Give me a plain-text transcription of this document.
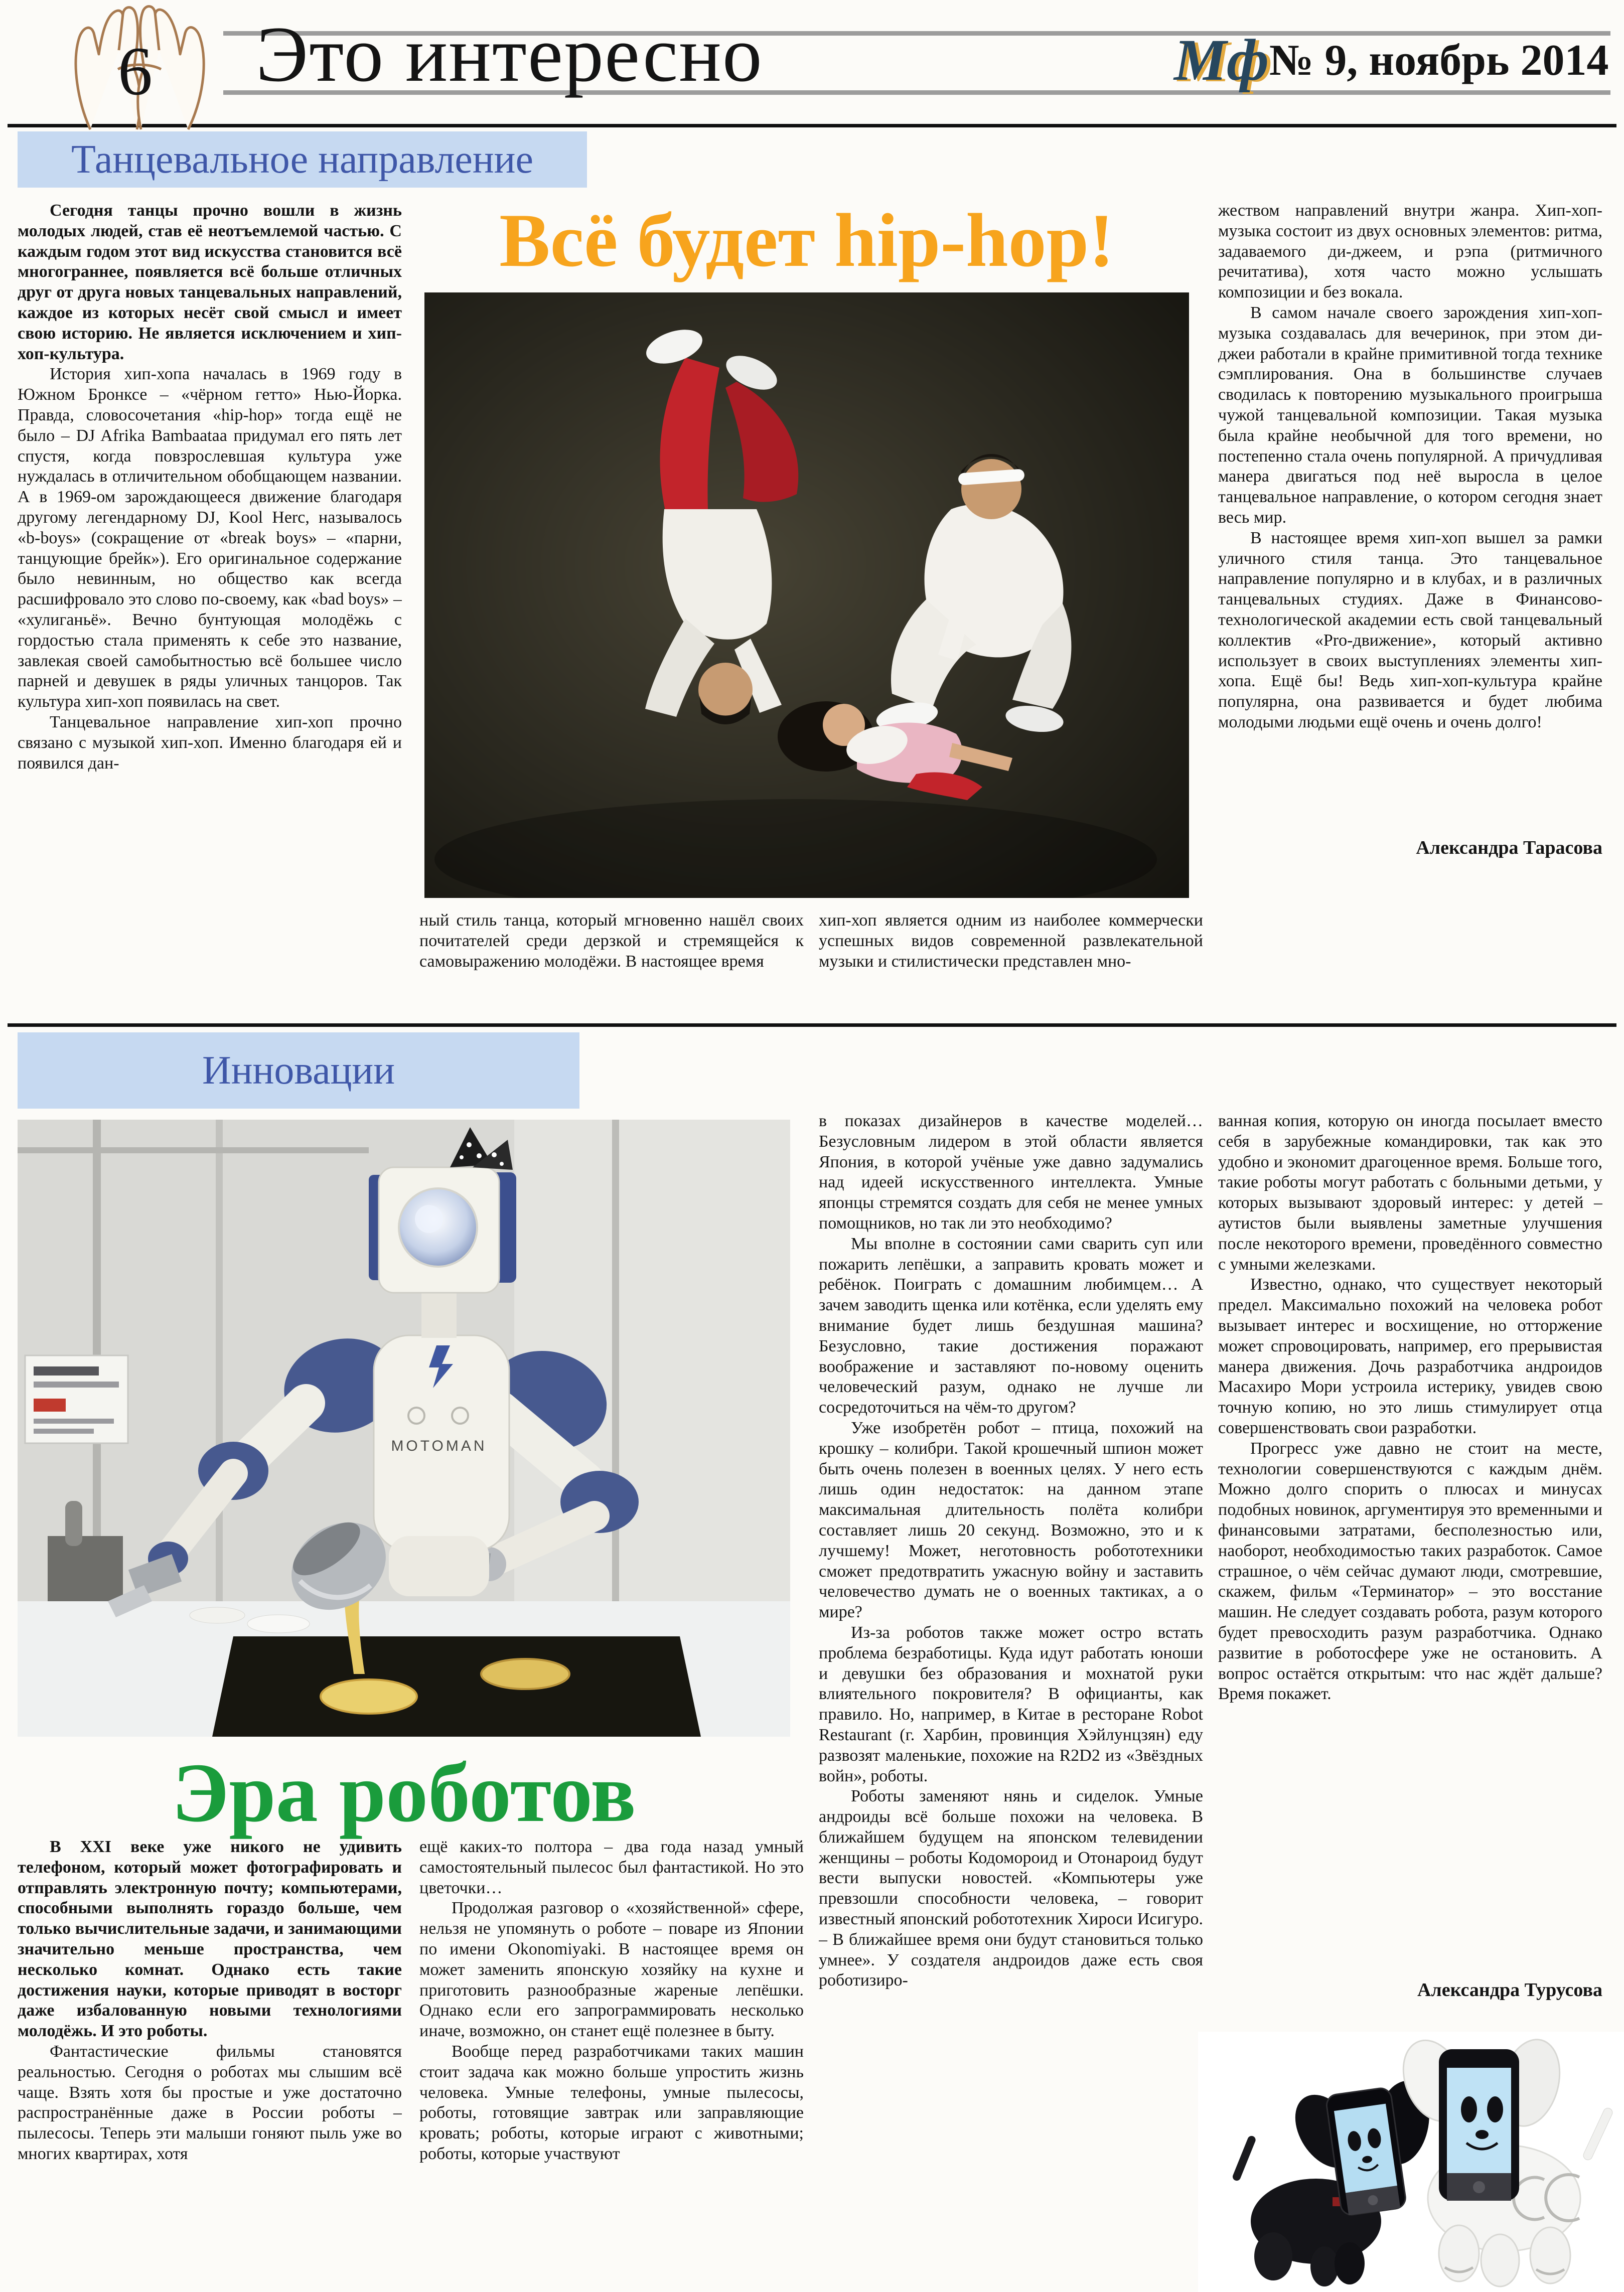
6 Это интересно	Мф № 9, ноябрь 2014
Танцевальное направление
Всё будет hip-hop!

Сегодня танцы прочно вошли в жизнь молодых людей, став её неотъемлемой частью. С каждым годом этот вид искусства становится всё многограннее, появляется всё больше отличных друг от друга новых танцевальных направлений, каждое из которых несёт свой смысл и имеет свою историю. Не является исключением и хип-хоп-культура.

История хип-хопа началась в 1969 году в Южном Бронксе – «чёрном гетто» Нью-Йорка. Правда, словосочетания «hip-hop» тогда ещё не было – DJ Afrika Bambaataa придумал его пять лет спустя, когда повзрослевшая культура уже нуждалась в отличительном обобщающем названии. А в 1969-ом зарождающееся движение благодаря другому легендарному DJ, Kool Herc, называлось «b-boys» (сокращение от «break boys» – «парни, танцующие брейк»). Его оригинальное содержание было невинным, но общество как всегда расшифровало это слово по-своему, как «bad boys» – «хулиганьё». Вечно бунтующая молодёжь с гордостью стала применять к себе это название, завлекая своей самобытностью всё большее число парней и девушек в ряды уличных танцоров. Так культура хип-хоп появилась на свет.

Танцевальное направление хип-хоп прочно связано с музыкой хип-хоп. Именно благодаря ей и появился дан-

ный стиль танца, который мгновенно нашёл своих почитателей среди дерзкой и стремящейся к самовыражению молодёжи. В настоящее время

хип-хоп является одним из наиболее коммерчески успешных видов современной развлекательной музыки и стилистически представлен мно-

жеством направлений внутри жанра. Хип-хоп-музыка состоит из двух основных элементов: ритма, задаваемого ди-джеем, и рэпа (ритмичного речитатива), хотя часто можно услышать композиции и без вокала.

В самом начале своего зарождения хип-хоп-музыка создавалась для вечеринок, при этом ди-джеи работали в крайне примитивной тогда технике сэмплирования. Она в большинстве случаев сводилась к повторению музыкального проигрыша чужой танцевальной композиции. Такая музыка была крайне необычной для того времени, но постепенно стала очень популярной. А причудливая манера двигаться под неё выросла в целое танцевальное направление, о котором сегодня знает весь мир.

В настоящее время хип-хоп вышел за рамки уличного стиля танца. Это танцевальное направление популярно и в клубах, и в различных танцевальных студиях. Даже в Финансово-технологической академии есть свой танцевальный коллектив «Pro-движение», который активно использует в своих выступлениях элементы хип-хопа. Ещё бы! Ведь хип-хоп-культура крайне популярна, она развивается и будет любима молодыми людьми ещё очень и очень долго!

Александра Тарасова
Инновации
MOTOMAN
Эра роботов

В XXI веке уже никого не удивить телефоном, который может фотографировать и отправлять электронную почту; компьютерами, способными выполнять гораздо больше, чем только вычислительные задачи, и занимающими значительно меньше пространства, чем несколько комнат. Однако есть такие достижения науки, которые приводят в восторг даже избалованную новыми технологиями молодёжь. И это роботы.

Фантастические фильмы становятся реальностью. Сегодня о роботах мы слышим всё чаще. Взять хотя бы простые и уже достаточно распространённые даже в России роботы – пылесосы. Теперь эти малыши гоняют пыль уже во многих квартирах, хотя

ещё каких-то полтора – два года назад умный самостоятельный пылесос был фантастикой. Но это цветочки…

Продолжая разговор о «хозяйственной» сфере, нельзя не упомянуть о роботе – поваре из Японии по имени Okonomiyaki. В настоящее время он может заменить японскую хозяйку на кухне и приготовить разнообразные жареные лепёшки. Однако если его запрограммировать несколько иначе, возможно, он станет ещё полезнее в быту.

Вообще перед разработчиками таких машин стоит задача как можно больше упростить жизнь человека. Умные телефоны, умные пылесосы, роботы, готовящие завтрак или заправляющие кровать; роботы, которые играют с животными; роботы, которые участвуют

в показах дизайнеров в качестве моделей… Безусловным лидером в этой области является Япония, в которой учёные уже давно задумались над идеей искусственного интеллекта. Умные японцы стремятся создать для себя не менее умных помощников, но так ли это необходимо?

Мы вполне в состоянии сами сварить суп или пожарить лепёшки, а заправить кровать может и ребёнок. Поиграть с домашним любимцем… А зачем заводить щенка или котёнка, если уделять ему внимание будет лишь бездушная машина? Безусловно, такие достижения поражают воображение и заставляют по-новому оценить человеческий разум, однако не лучше ли сосредоточиться на чём-то другом?

Уже изобретён робот – птица, похожий на крошку – колибри. Такой крошечный шпион может быть очень полезен в военных целях. У него есть лишь один недостаток: на данном этапе максимальная длительность полёта колибри составляет лишь 20 секунд. Возможно, это и к лучшему! Может, неготовность робототехники сможет предотвратить ужасную войну и заставить человечество думать не о военных тактиках, а о мире?

Из-за роботов также может остро встать проблема безработицы. Куда идут работать юноши и девушки без образования и мохнатой руки влиятельного покровителя? В официанты, как правило. Но, например, в Китае в ресторане Robot Restaurant (г. Харбин, провинция Хэйлунцзян) еду развозят маленькие, похожие на R2D2 из «Звёздных войн», роботы.

Роботы заменяют нянь и сиделок. Умные андроиды всё больше похожи на человека. В ближайшем будущем на японском телевидении женщины – роботы Кодомороид и Отонароид будут вести выпуски новостей. «Компьютеры уже превзошли способности человека, – говорит известный японский робототехник Хироси Исигуро. – В ближайшее время они будут становиться только умнее». У создателя андроидов даже есть своя роботизиро-

ванная копия, которую он иногда посылает вместо себя в зарубежные командировки, так как это удобно и экономит драгоценное время. Больше того, такие роботы могут работать с больными детьми, у которых вызывают здоровый интерес: у детей – аутистов были выявлены заметные улучшения после некоторого времени, проведённого совместно с умными железками.

Известно, однако, что существует некоторый предел. Максимально похожий на человека робот вызывает интерес и восхищение, но отторжение может спровоцировать, например, его прерывистая манера движения. Дочь разработчика андроидов Масахиро Мори устроила истерику, увидев свою точную копию, но это лишь стимулирует отца совершенствовать свои разработки.

Прогресс уже давно не стоит на месте, технологии совершенствуются с каждым днём. Можно долго спорить о плюсах и минусах подобных новинок, аргументируя это временными и финансовыми затратами, бесполезностью или, наоборот, необходимостью таких разработок. Самое страшное, о чём сейчас думают люди, смотревшие, скажем, фильм «Терминатор» – это восстание машин. Не следует создавать робота, разум которого будет превосходить разум разработчика. Однако развитие в роботосфере уже не остановить. А вопрос остаётся открытым: что нас ждёт дальше? Время покажет.

Александра Турусова
